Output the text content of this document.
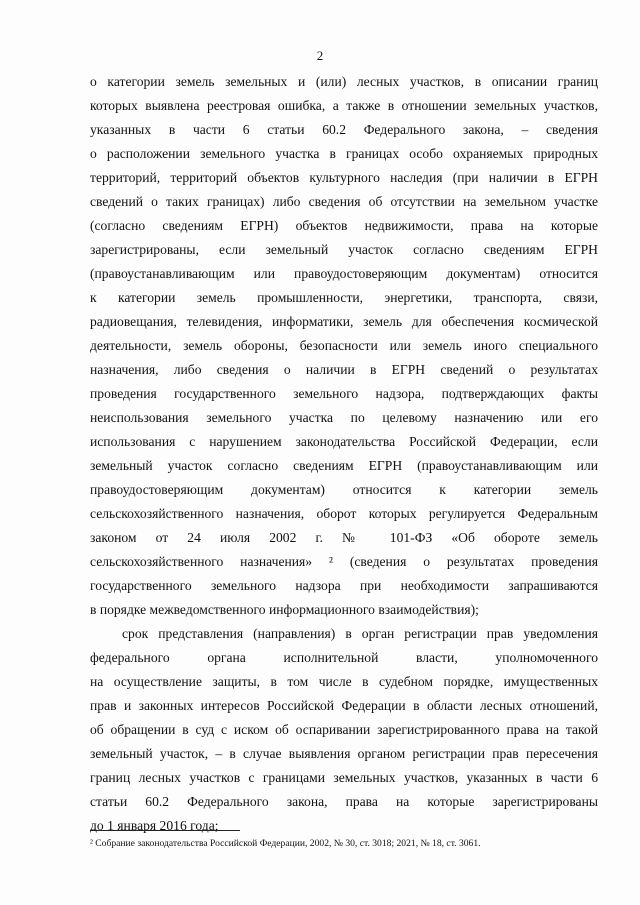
2
о категории земель земельных и (или) лесных участков, в описании границ
которых выявлена реестровая ошибка, а также в отношении земельных участков,
указанных в части 6 статьи 60.2 Федерального закона, – сведения
о расположении земельного участка в границах особо охраняемых природных
территорий, территорий объектов культурного наследия (при наличии в ЕГРН
сведений о таких границах) либо сведения об отсутствии на земельном участке
(согласно сведениям ЕГРН) объектов недвижимости, права на которые
зарегистрированы, если земельный участок согласно сведениям ЕГРН
(правоустанавливающим или правоудостоверяющим документам) относится
к категории земель промышленности, энергетики, транспорта, связи,
радиовещания, телевидения, информатики, земель для обеспечения космической
деятельности, земель обороны, безопасности или земель иного специального
назначения, либо сведения о наличии в ЕГРН сведений о результатах
проведения государственного земельного надзора, подтверждающих факты
неиспользования земельного участка по целевому назначению или его
использования с нарушением законодательства Российской Федерации, если
земельный участок согласно сведениям ЕГРН (правоустанавливающим или
правоудостоверяющим документам) относится к категории земель
сельскохозяйственного назначения, оборот которых регулируется Федеральным
законом от 24 июля 2002 г. № 101-ФЗ «Об обороте земель
сельскохозяйственного назначения» ² (сведения о результатах проведения
государственного земельного надзора при необходимости запрашиваются
в порядке межведомственного информационного взаимодействия);
срок представления (направления) в орган регистрации прав уведомления
федерального органа исполнительной власти, уполномоченного
на осуществление защиты, в том числе в судебном порядке, имущественных
прав и законных интересов Российской Федерации в области лесных отношений,
об обращении в суд с иском об оспаривании зарегистрированного права на такой
земельный участок, – в случае выявления органом регистрации прав пересечения
границ лесных участков с границами земельных участков, указанных в части 6
статьи 60.2 Федерального закона, права на которые зарегистрированы
до 1 января 2016 года;
² Собрание законодательства Российской Федерации, 2002, № 30, ст. 3018; 2021, № 18, ст. 3061.
